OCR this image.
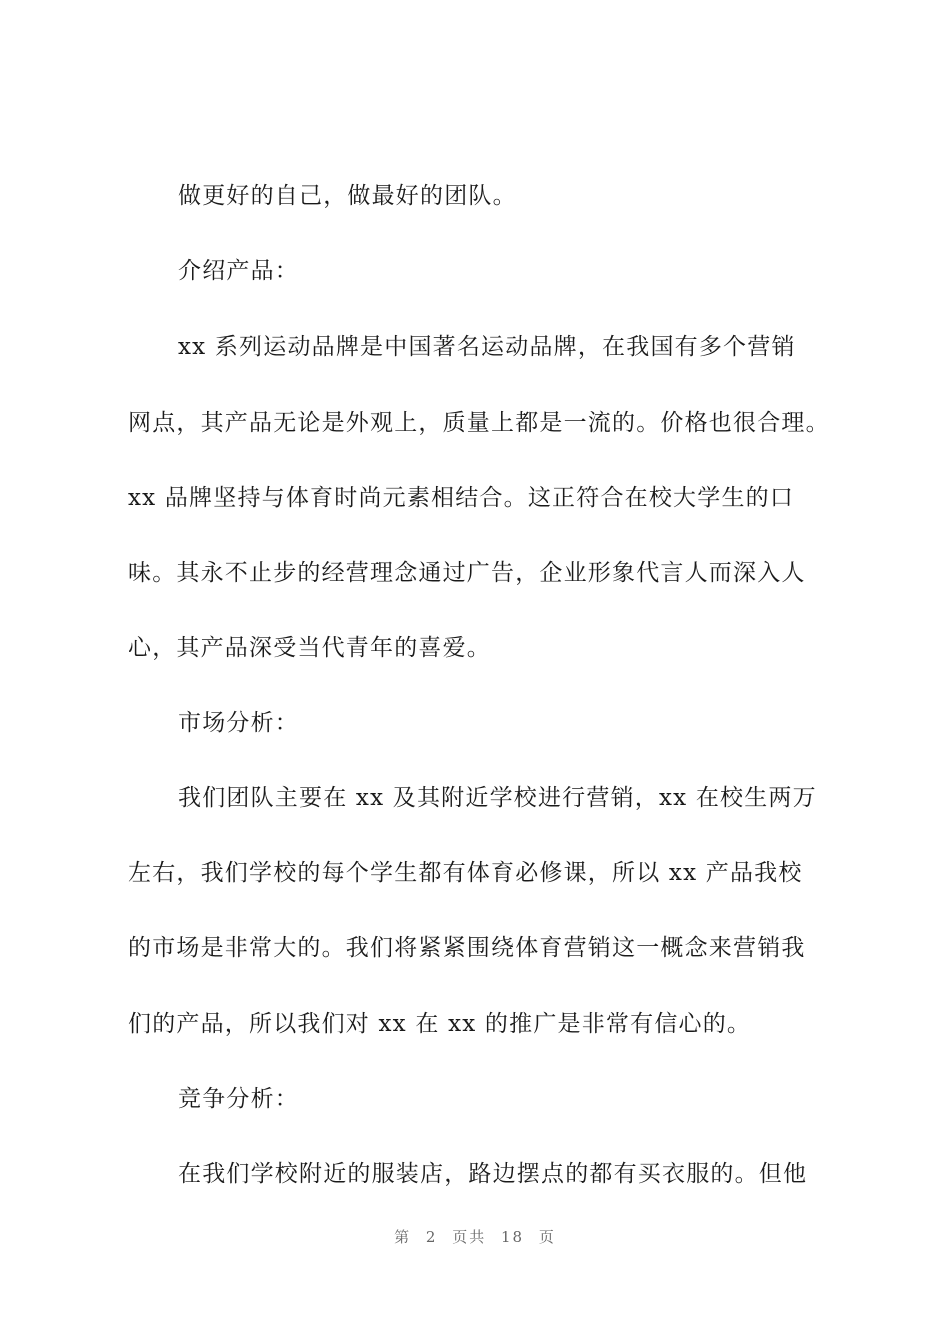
做更好的自己，做最好的团队。
介绍产品：
xx 系列运动品牌是中国著名运动品牌，在我国有多个营销
网点，其产品无论是外观上，质量上都是一流的。价格也很合理。
xx 品牌坚持与体育时尚元素相结合。这正符合在校大学生的口
味。其永不止步的经营理念通过广告，企业形象代言人而深入人
心，其产品深受当代青年的喜爱。
市场分析：
我们团队主要在 xx 及其附近学校进行营销，xx 在校生两万
左右，我们学校的每个学生都有体育必修课，所以 xx 产品我校
的市场是非常大的。我们将紧紧围绕体育营销这一概念来营销我
们的产品，所以我们对 xx 在 xx 的推广是非常有信心的。
竞争分析：
在我们学校附近的服装店，路边摆点的都有买衣服的。但他
第 2 页共 18 页
